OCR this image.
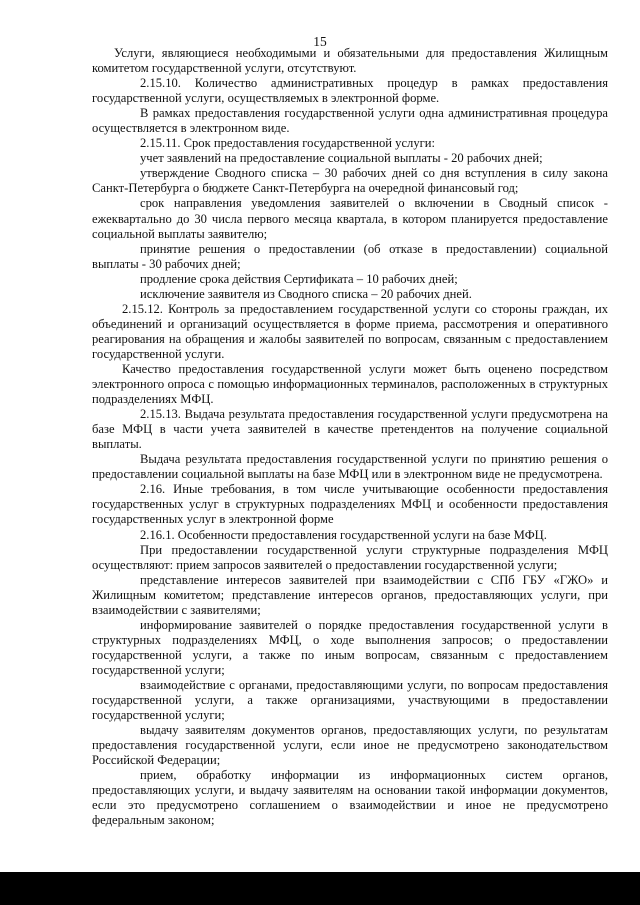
15

Услуги, являющиеся необходимыми и обязательными для предоставления Жилищным комитетом государственной услуги, отсутствуют.

2.15.10. Количество административных процедур в рамках предоставления государственной услуги, осуществляемых в электронной форме.

В рамках предоставления государственной услуги одна административная процедура осуществляется в электронном виде.

2.15.11. Срок предоставления государственной услуги:

учет заявлений на предоставление социальной выплаты - 20 рабочих дней;

утверждение Сводного списка – 30 рабочих дней со дня вступления в силу закона Санкт-Петербурга о бюджете Санкт-Петербурга на очередной финансовый год;

срок направления уведомления заявителей о включении в Сводный список - ежеквартально до 30 числа первого месяца квартала, в котором планируется предоставление социальной выплаты заявителю;

принятие решения о предоставлении (об отказе в предоставлении) социальной выплаты - 30 рабочих дней;

продление срока действия Сертификата – 10 рабочих дней;

исключение заявителя из Сводного списка – 20 рабочих дней.

2.15.12. Контроль за предоставлением государственной услуги со стороны граждан, их объединений и организаций осуществляется в форме приема, рассмотрения и оперативного реагирования на обращения и жалобы заявителей по вопросам, связанным с предоставлением государственной услуги.

Качество предоставления государственной услуги может быть оценено посредством электронного опроса с помощью информационных терминалов, расположенных в структурных подразделениях МФЦ.

2.15.13. Выдача результата предоставления государственной услуги предусмотрена на базе МФЦ в части учета заявителей в качестве претендентов на получение социальной выплаты.

Выдача результата предоставления государственной услуги по принятию решения о предоставлении социальной выплаты на базе МФЦ или в электронном виде не предусмотрена.

2.16. Иные требования, в том числе учитывающие особенности предоставления государственных услуг в структурных подразделениях МФЦ и особенности предоставления государственных услуг в электронной форме

2.16.1. Особенности предоставления государственной услуги на базе МФЦ.

При предоставлении государственной услуги структурные подразделения МФЦ осуществляют: прием запросов заявителей о предоставлении государственной услуги;

представление интересов заявителей при взаимодействии с СПб ГБУ «ГЖО» и Жилищным комитетом; представление интересов органов, предоставляющих услуги, при взаимодействии с заявителями;

информирование заявителей о порядке предоставления государственной услуги в структурных подразделениях МФЦ, о ходе выполнения запросов; о предоставлении государственной услуги, а также по иным вопросам, связанным с предоставлением государственной услуги;

взаимодействие с органами, предоставляющими услуги, по вопросам предоставления государственной услуги, а также организациями, участвующими в предоставлении государственной услуги;

выдачу заявителям документов органов, предоставляющих услуги, по результатам предоставления государственной услуги, если иное не предусмотрено законодательством Российской Федерации;

прием, обработку информации из информационных систем органов, предоставляющих услуги, и выдачу заявителям на основании такой информации документов, если это предусмотрено соглашением о взаимодействии и иное не предусмотрено федеральным законом;
